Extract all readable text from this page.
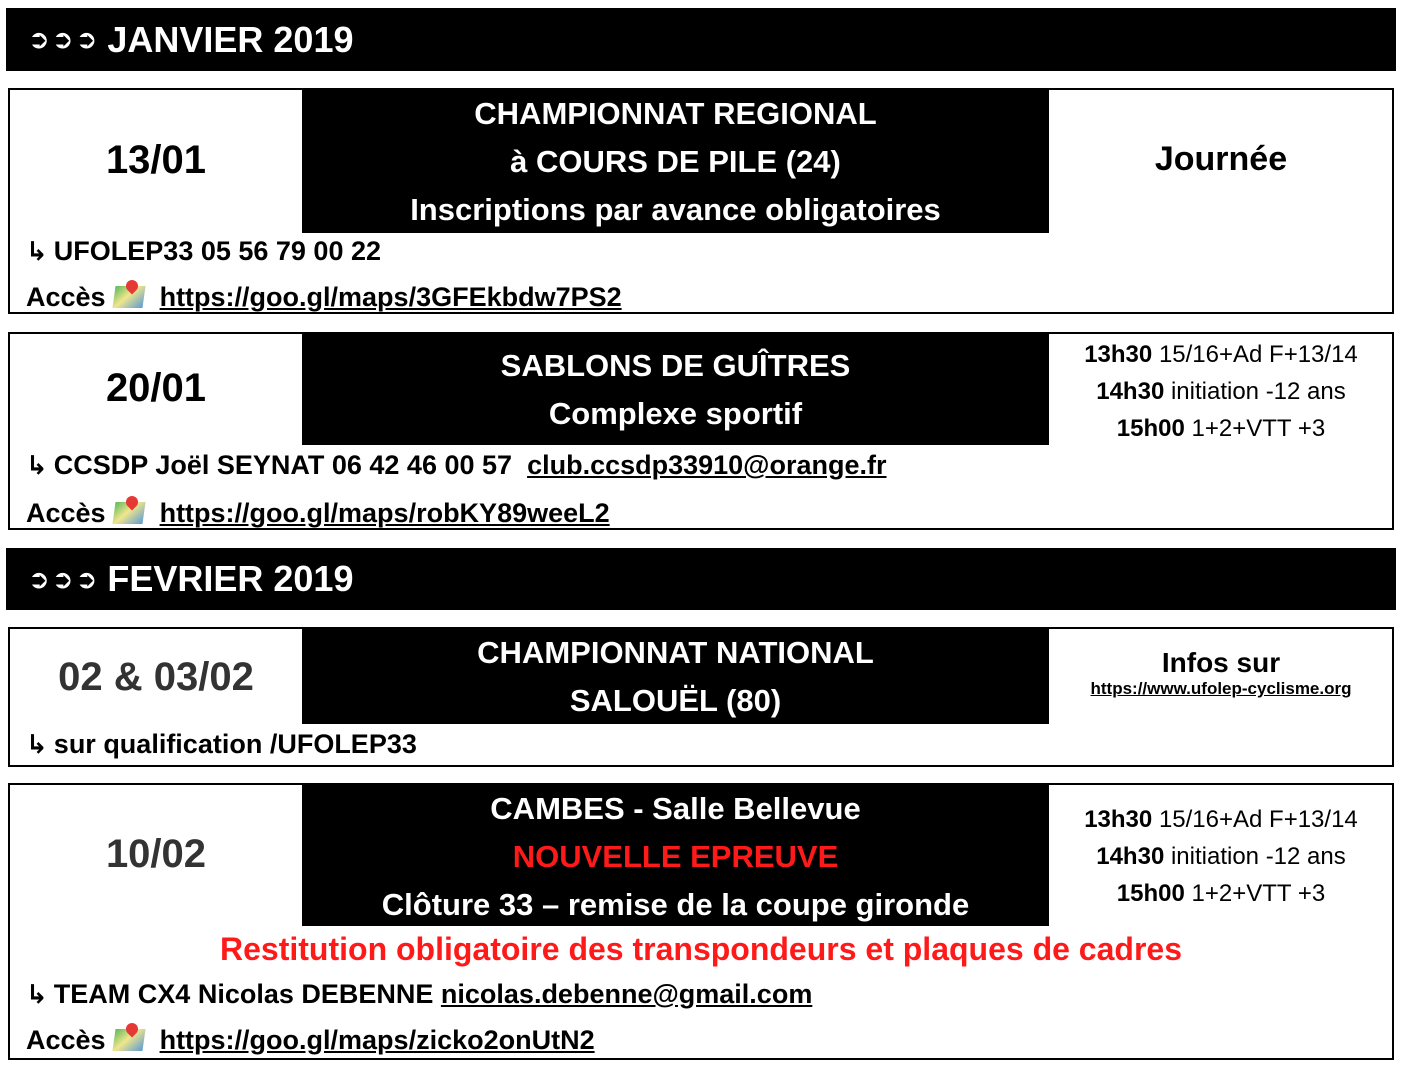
➲➲➲ JANVIER 2019
13/01
CHAMPIONNAT REGIONAL
à COURS DE PILE (24)
Inscriptions par avance obligatoires
Journée
↳ UFOLEP33 05 56 79 00 22
Accès https://goo.gl/maps/3GFEkbdw7PS2
20/01
SABLONS DE GUÎTRES
Complexe sportif
13h30 15/16+Ad F+13/14
14h30 initiation -12 ans
15h00 1+2+VTT +3
↳ CCSDP Joël SEYNAT 06 42 46 00 57 club.ccsdp33910@orange.fr
Accès https://goo.gl/maps/robKY89weeL2
➲➲➲ FEVRIER 2019
02 & 03/02
CHAMPIONNAT NATIONAL
SALOUËL (80)
Infos sur
https://www.ufolep-cyclisme.org
↳ sur qualification /UFOLEP33
10/02
CAMBES - Salle Bellevue
NOUVELLE EPREUVE
Clôture 33 – remise de la coupe gironde
13h30 15/16+Ad F+13/14
14h30 initiation -12 ans
15h00 1+2+VTT +3
Restitution obligatoire des transpondeurs et plaques de cadres
↳ TEAM CX4 Nicolas DEBENNE nicolas.debenne@gmail.com
Accès https://goo.gl/maps/zicko2onUtN2
